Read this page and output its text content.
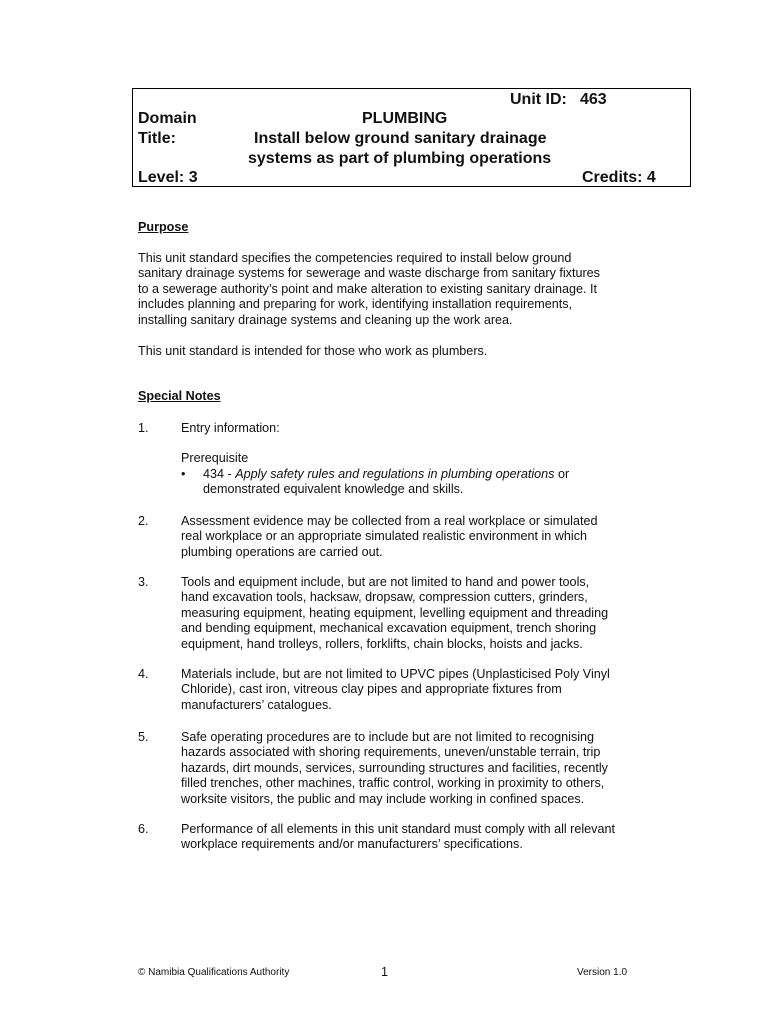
Unit ID: 463
Domain	PLUMBING
Title:	Install below ground sanitary drainage
systems as part of plumbing operations
Level: 3	Credits: 4
Purpose

This unit standard specifies the competencies required to install below ground

sanitary drainage systems for sewerage and waste discharge from sanitary fixtures

to a sewerage authority’s point and make alteration to existing sanitary drainage. It

includes planning and preparing for work, identifying installation requirements,

installing sanitary drainage systems and cleaning up the work area.

This unit standard is intended for those who work as plumbers.
Special Notes
1.	Entry information:
Prerequisite
• 434 - Apply safety rules and regulations in plumbing operations or
demonstrated equivalent knowledge and skills.
2.	Assessment evidence may be collected from a real workplace or simulated
real workplace or an appropriate simulated realistic environment in which
plumbing operations are carried out.
3.	Tools and equipment include, but are not limited to hand and power tools,
hand excavation tools, hacksaw, dropsaw, compression cutters, grinders,
measuring equipment, heating equipment, levelling equipment and threading
and bending equipment, mechanical excavation equipment, trench shoring
equipment, hand trolleys, rollers, forklifts, chain blocks, hoists and jacks.
4.	Materials include, but are not limited to UPVC pipes (Unplasticised Poly Vinyl
Chloride), cast iron, vitreous clay pipes and appropriate fixtures from
manufacturers’ catalogues.
5.	Safe operating procedures are to include but are not limited to recognising
hazards associated with shoring requirements, uneven/unstable terrain, trip
hazards, dirt mounds, services, surrounding structures and facilities, recently
filled trenches, other machines, traffic control, working in proximity to others,
worksite visitors, the public and may include working in confined spaces.
6.	Performance of all elements in this unit standard must comply with all relevant
workplace requirements and/or manufacturers’ specifications.
© Namibia Qualifications Authority	1	Version 1.0
